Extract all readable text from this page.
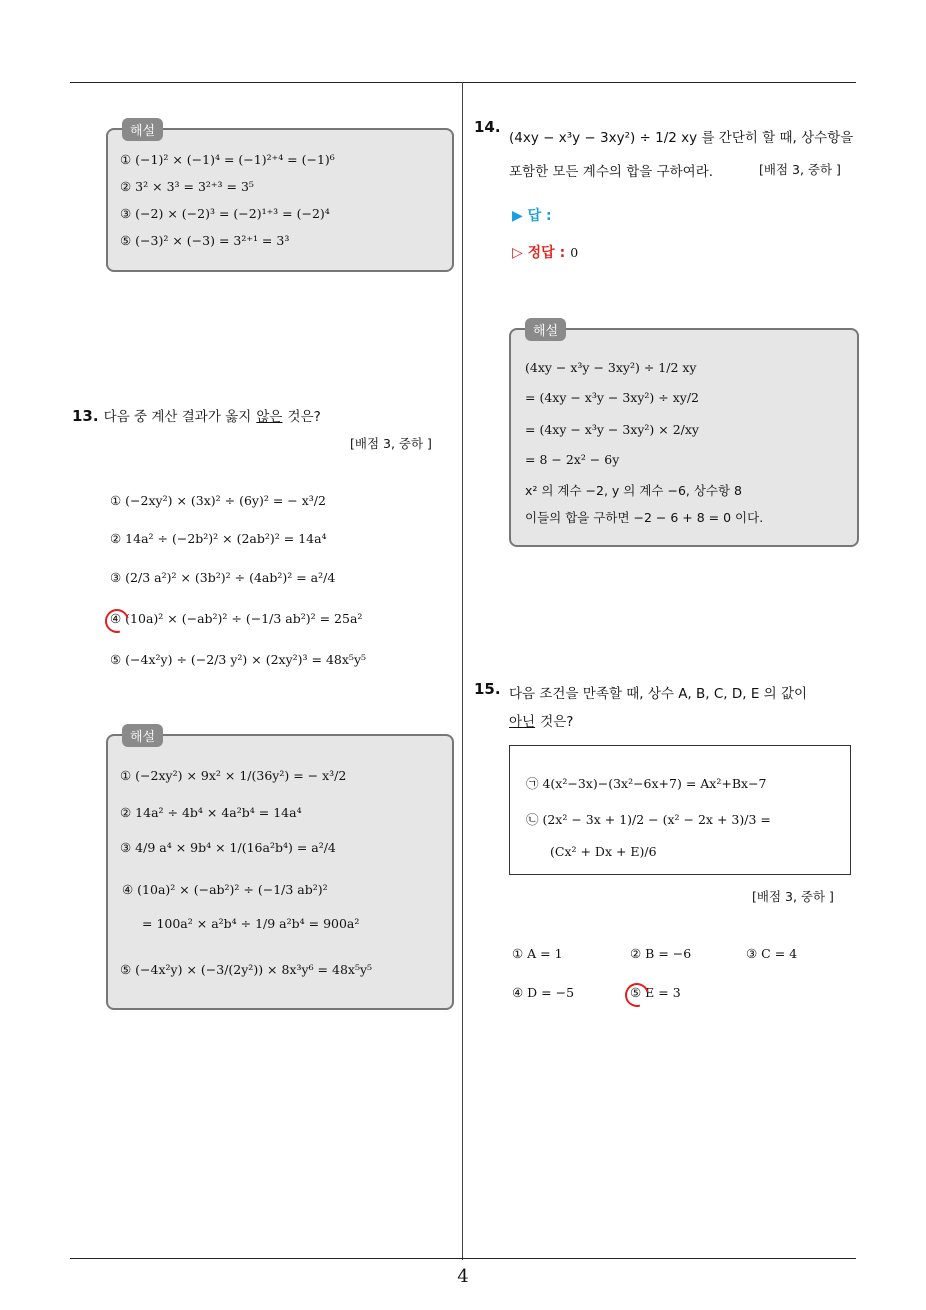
해설
① (−1)² × (−1)⁴ = (−1)²⁺⁴ = (−1)⁶
② 3² × 3³ = 3²⁺³ = 3⁵
③ (−2) × (−2)³ = (−2)¹⁺³ = (−2)⁴
⑤ (−3)² × (−3) = 3²⁺¹ = 3³
13. 다음 중 계산 결과가 옳지 않은 것은?
[배점 3, 중하 ]
① (−2xy²) × (3x)² ÷ (6y)² = − x³/2
② 14a² ÷ (−2b²)² × (2ab²)² = 14a⁴
③ (2/3 a²)² × (3b²)² ÷ (4ab²)² = a²/4
④ (10a)² × (−ab²)² ÷ (−1/3 ab²)² = 25a²
⑤ (−4x²y) ÷ (−2/3 y²) × (2xy²)³ = 48x⁵y⁵
해설
① (−2xy²) × 9x² × 1/(36y²) = − x³/2
② 14a² ÷ 4b⁴ × 4a²b⁴ = 14a⁴
③ 4/9 a⁴ × 9b⁴ × 1/(16a²b⁴) = a²/4
④ (10a)² × (−ab²)² ÷ (−1/3 ab²)²
= 100a² × a²b⁴ ÷ 1/9 a²b⁴ = 900a²
⑤ (−4x²y) × (−3/(2y²)) × 8x³y⁶ = 48x⁵y⁵
14.
(4xy − x³y − 3xy²) ÷ 1/2 xy 를 간단히 할 때, 상수항을
포함한 모든 계수의 합을 구하여라.	[배점 3, 중하 ]
▶ 답 :
▷ 정답 : 0
해설
(4xy − x³y − 3xy²) ÷ 1/2 xy
= (4xy − x³y − 3xy²) ÷ xy/2
= (4xy − x³y − 3xy²) × 2/xy
= 8 − 2x² − 6y
x² 의 계수 −2, y 의 계수 −6, 상수항 8
이들의 합을 구하면 −2 − 6 + 8 = 0 이다.
15. 다음 조건을 만족할 때, 상수 A, B, C, D, E 의 값이
아닌 것은?
㉠ 4(x²−3x)−(3x²−6x+7) = Ax²+Bx−7
㉡ (2x² − 3x + 1)/2 − (x² − 2x + 3)/3 =
(Cx² + Dx + E)/6
[배점 3, 중하 ]
① A = 1	② B = −6	③ C = 4
④ D = −5	⑤ E = 3
4
